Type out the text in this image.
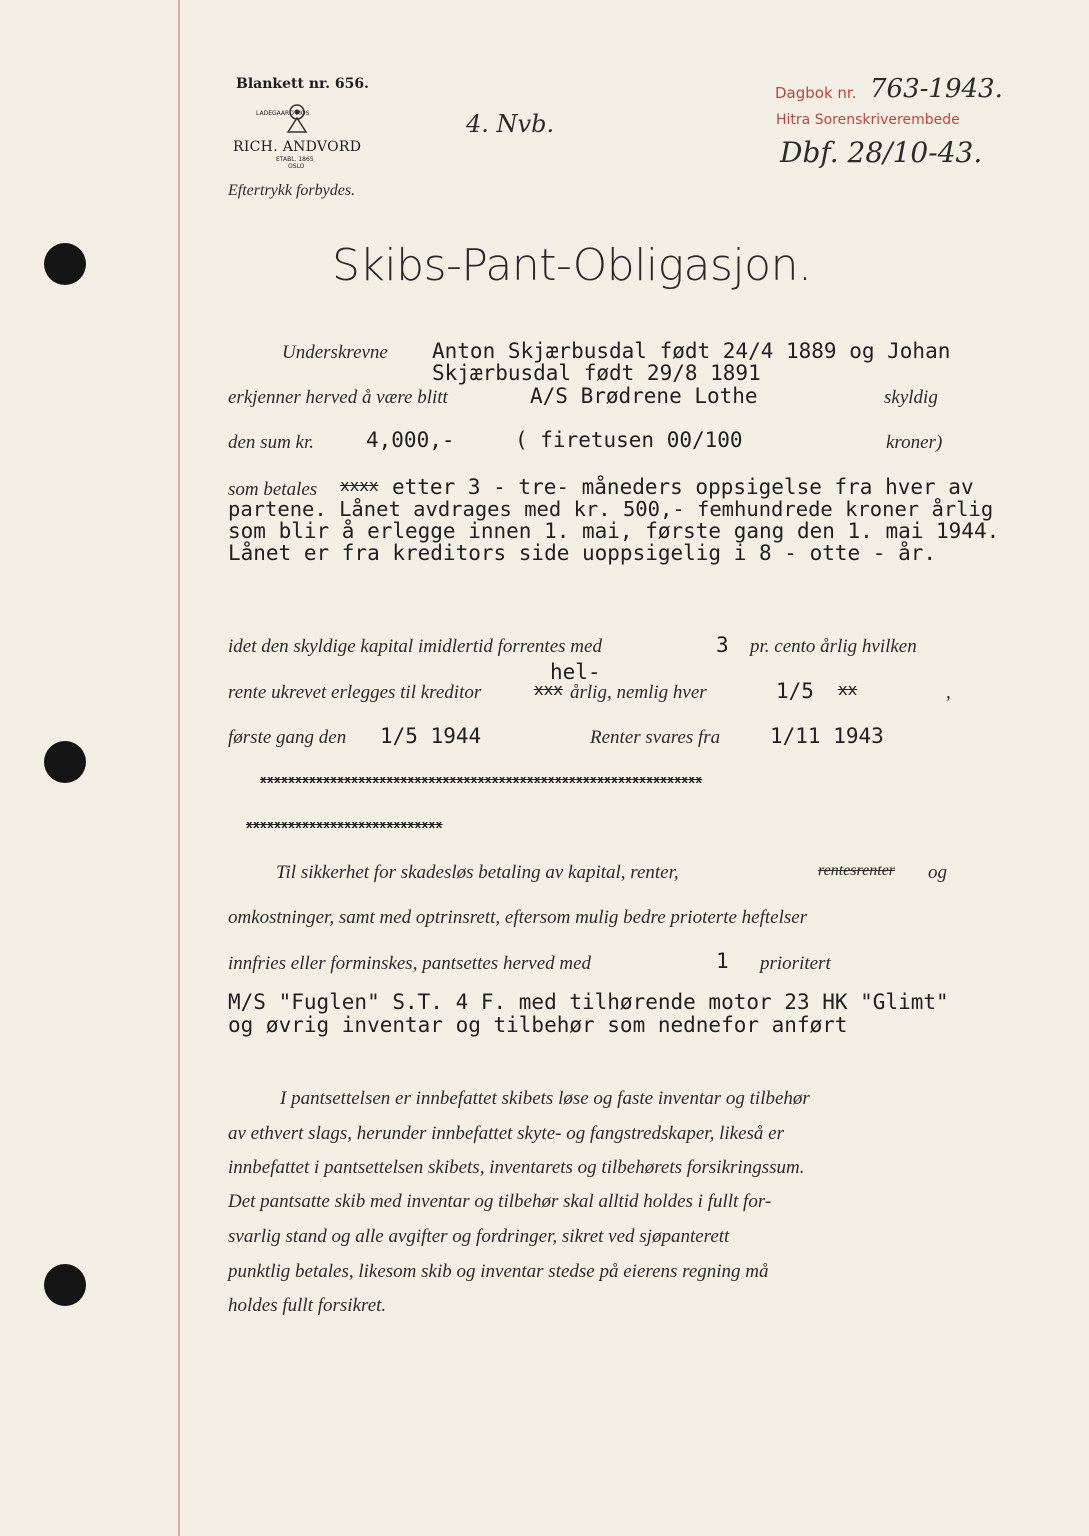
Blankett nr. 656.
LADEGAARD MOS
RICH. ANDVORD
ETABL. 1865
OSLO
Eftertrykk forbydes.
4. Nvb.
Dagbok nr. 763-1943.
Hitra Sorenskriverembede
Dbf. 28/10-43.
Skibs-Pant-Obligasjon.
Underskrevne Anton Skjærbusdal født 24/4 1889 og Johan
Skjærbusdal født 29/8 1891
erkjenner herved å være blitt	A/S Brødrene Lothe	skyldig
den sum kr. 4,000,-	( firetusen 00/100	kroner)
som betales xxxx etter 3 - tre- måneders oppsigelse fra hver av
partene. Lånet avdrages med kr. 500,- femhundrede kroner årlig
som blir å erlegge innen 1. mai, første gang den 1. mai 1944.
Lånet er fra kreditors side uoppsigelig i 8 - otte - år.
idet den skyldige kapital imidlertid forrentes med	3 pr. cento årlig hvilken
hel-
rente ukrevet erlegges til kreditor	xxx årlig, nemlig hver	1/5 xx	,
første gang den 1/5 1944	Renter svares fra 1/11 1943
xxxxxxxxxxxxxxxxxxxxxxxxxxxxxxxxxxxxxxxxxxxxxxxxxxxxxxxxxxxxxxx
xxxxxxxxxxxxxxxxxxxxxxxxxxxx
Til sikkerhet for skadesløs betaling av kapital, renter,	rentesrenter og
omkostninger, samt med optrinsrett, eftersom mulig bedre prioterte heftelser
innfries eller forminskes, pantsettes herved med	1 prioritert
M/S "Fuglen" S.T. 4 F. med tilhørende motor 23 HK "Glimt"
og øvrig inventar og tilbehør som nednefor anført
I pantsettelsen er innbefattet skibets løse og faste inventar og tilbehør
av ethvert slags, herunder innbefattet skyte- og fangstredskaper, likeså er
innbefattet i pantsettelsen skibets, inventarets og tilbehørets forsikringssum.
Det pantsatte skib med inventar og tilbehør skal alltid holdes i fullt for-
svarlig stand og alle avgifter og fordringer, sikret ved sjøpanterett
punktlig betales, likesom skib og inventar stedse på eierens regning må
holdes fullt forsikret.
